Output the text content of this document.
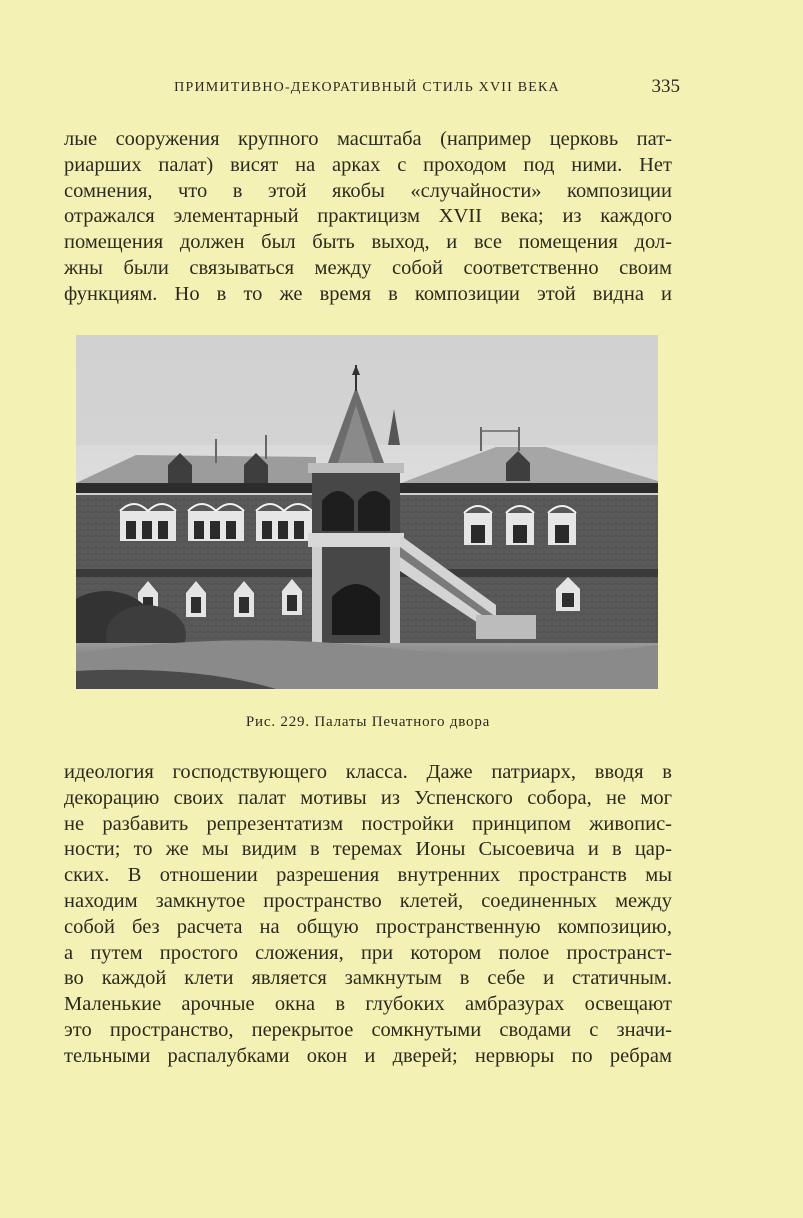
ПРИМИТИВНО-ДЕКОРАТИВНЫЙ СТИЛЬ XVII ВЕКА	335
лые сооружения крупного масштаба (например церковь пат-
риарших палат) висят на арках с проходом под ними. Нет
сомнения, что в этой якобы «случайности» композиции
отражался элементарный практицизм XVII века; из каждого
помещения должен был быть выход, и все помещения дол-
жны были связываться между собой соответственно своим
функциям. Но в то же время в композиции этой видна и
Рис. 229. Палаты Печатного двора
идеология господствующего класса. Даже патриарх, вводя в
декорацию своих палат мотивы из Успенского собора, не мог
не разбавить репрезентатизм постройки принципом живопис-
ности; то же мы видим в теремах Ионы Сысоевича и в цар-
ских. В отношении разрешения внутренних пространств мы
находим замкнутое пространство клетей, соединенных между
собой без расчета на общую пространственную композицию,
а путем простого сложения, при котором полое пространст-
во каждой клети является замкнутым в себе и статичным.
Маленькие арочные окна в глубоких амбразурах освещают
это пространство, перекрытое сомкнутыми сводами с значи-
тельными распалубками окон и дверей; нервюры по ребрам
